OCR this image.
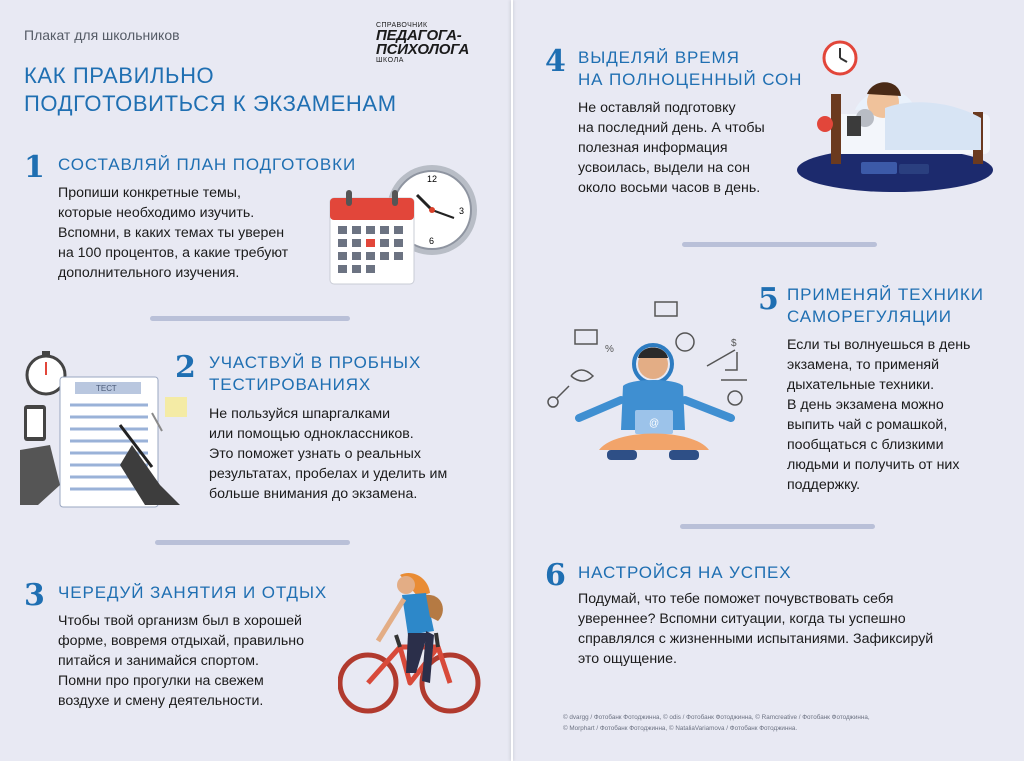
Плакат для школьников
КАК ПРАВИЛЬНО
ПОДГОТОВИТЬСЯ К ЭКЗАМЕНАМ
СПРАВОЧНИК
ПЕДАГОГА-
ПСИХОЛОГА
ШКОЛА
1 СОСТАВЛЯЙ ПЛАН ПОДГОТОВКИ
Пропиши конкретные темы,
которые необходимо изучить.
Вспомни, в каких темах ты уверен
на 100 процентов, а какие требуют
дополнительного изучения.
12
3
6
ТЕСТ
2 УЧАСТВУЙ В ПРОБНЫХ
ТЕСТИРОВАНИЯХ
Не пользуйся шпаргалками
или помощью одноклассников.
Это поможет узнать о реальных
результатах, пробелах и уделить им
больше внимания до экзамена.
3 ЧЕРЕДУЙ ЗАНЯТИЯ И ОТДЫХ
Чтобы твой организм был в хорошей
форме, вовремя отдыхай, правильно
питайся и занимайся спортом.
Помни про прогулки на свежем
воздухе и смену деятельности.
4 ВЫДЕЛЯЙ ВРЕМЯ
НА ПОЛНОЦЕННЫЙ СОН
Не оставляй подготовку
на последний день. А чтобы
полезная информация
усвоилась, выдели на сон
около восьми часов в день.
%
$
@
5 ПРИМЕНЯЙ ТЕХНИКИ
САМОРЕГУЛЯЦИИ
Если ты волнуешься в день
экзамена, то применяй
дыхательные техники.
В день экзамена можно
выпить чай с ромашкой,
пообщаться с близкими
людьми и получить от них
поддержку.
6 НАСТРОЙСЯ НА УСПЕХ
Подумай, что тебе поможет почувствовать себя
увереннее? Вспомни ситуации, когда ты успешно
справлялся с жизненными испытаниями. Зафиксируй
это ощущение.
© dvargg / Фотобанк Фотоджинна, © odis / Фотобанк Фотоджинна, © Ramcreative / Фотобанк Фотоджинна,
© Morphart / Фотобанк Фотоджинна, © NataliaVariamova / Фотобанк Фотоджинна.
